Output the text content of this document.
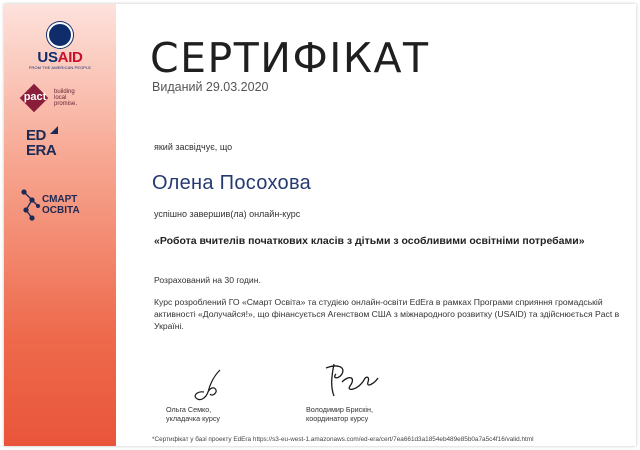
USAID
FROM THE AMERICAN PEOPLE
pact building
local
promise.
ED
ERA
СМАРТ
ОСВІТА
СЕРТИФІКАТ
Виданий 29.03.2020
який засвідчує, що
Олена Посохова
успішно завершив(ла) онлайн-курс
«Робота вчителів початкових класів з дітьми з особливими освітніми потребами»
Розрахований на 30 годин.
Курс розроблений ГО «Смарт Освіта» та студією онлайн-освіти EdEra в рамках Програми сприяння громадській активності «Долучайся!», що фінансується Агенством США з міжнародного розвитку (USAID) та здійснюється Pact в Україні.
Ольга Семко,
укладачка курсу
Володимир Брискін,
координатор курсу
*Сертифікат у базі проекту EdEra https://s3-eu-west-1.amazonaws.com/ed-era/cert/7ea661d3a1854eb489e85b0a7a5c4f16/valid.html
